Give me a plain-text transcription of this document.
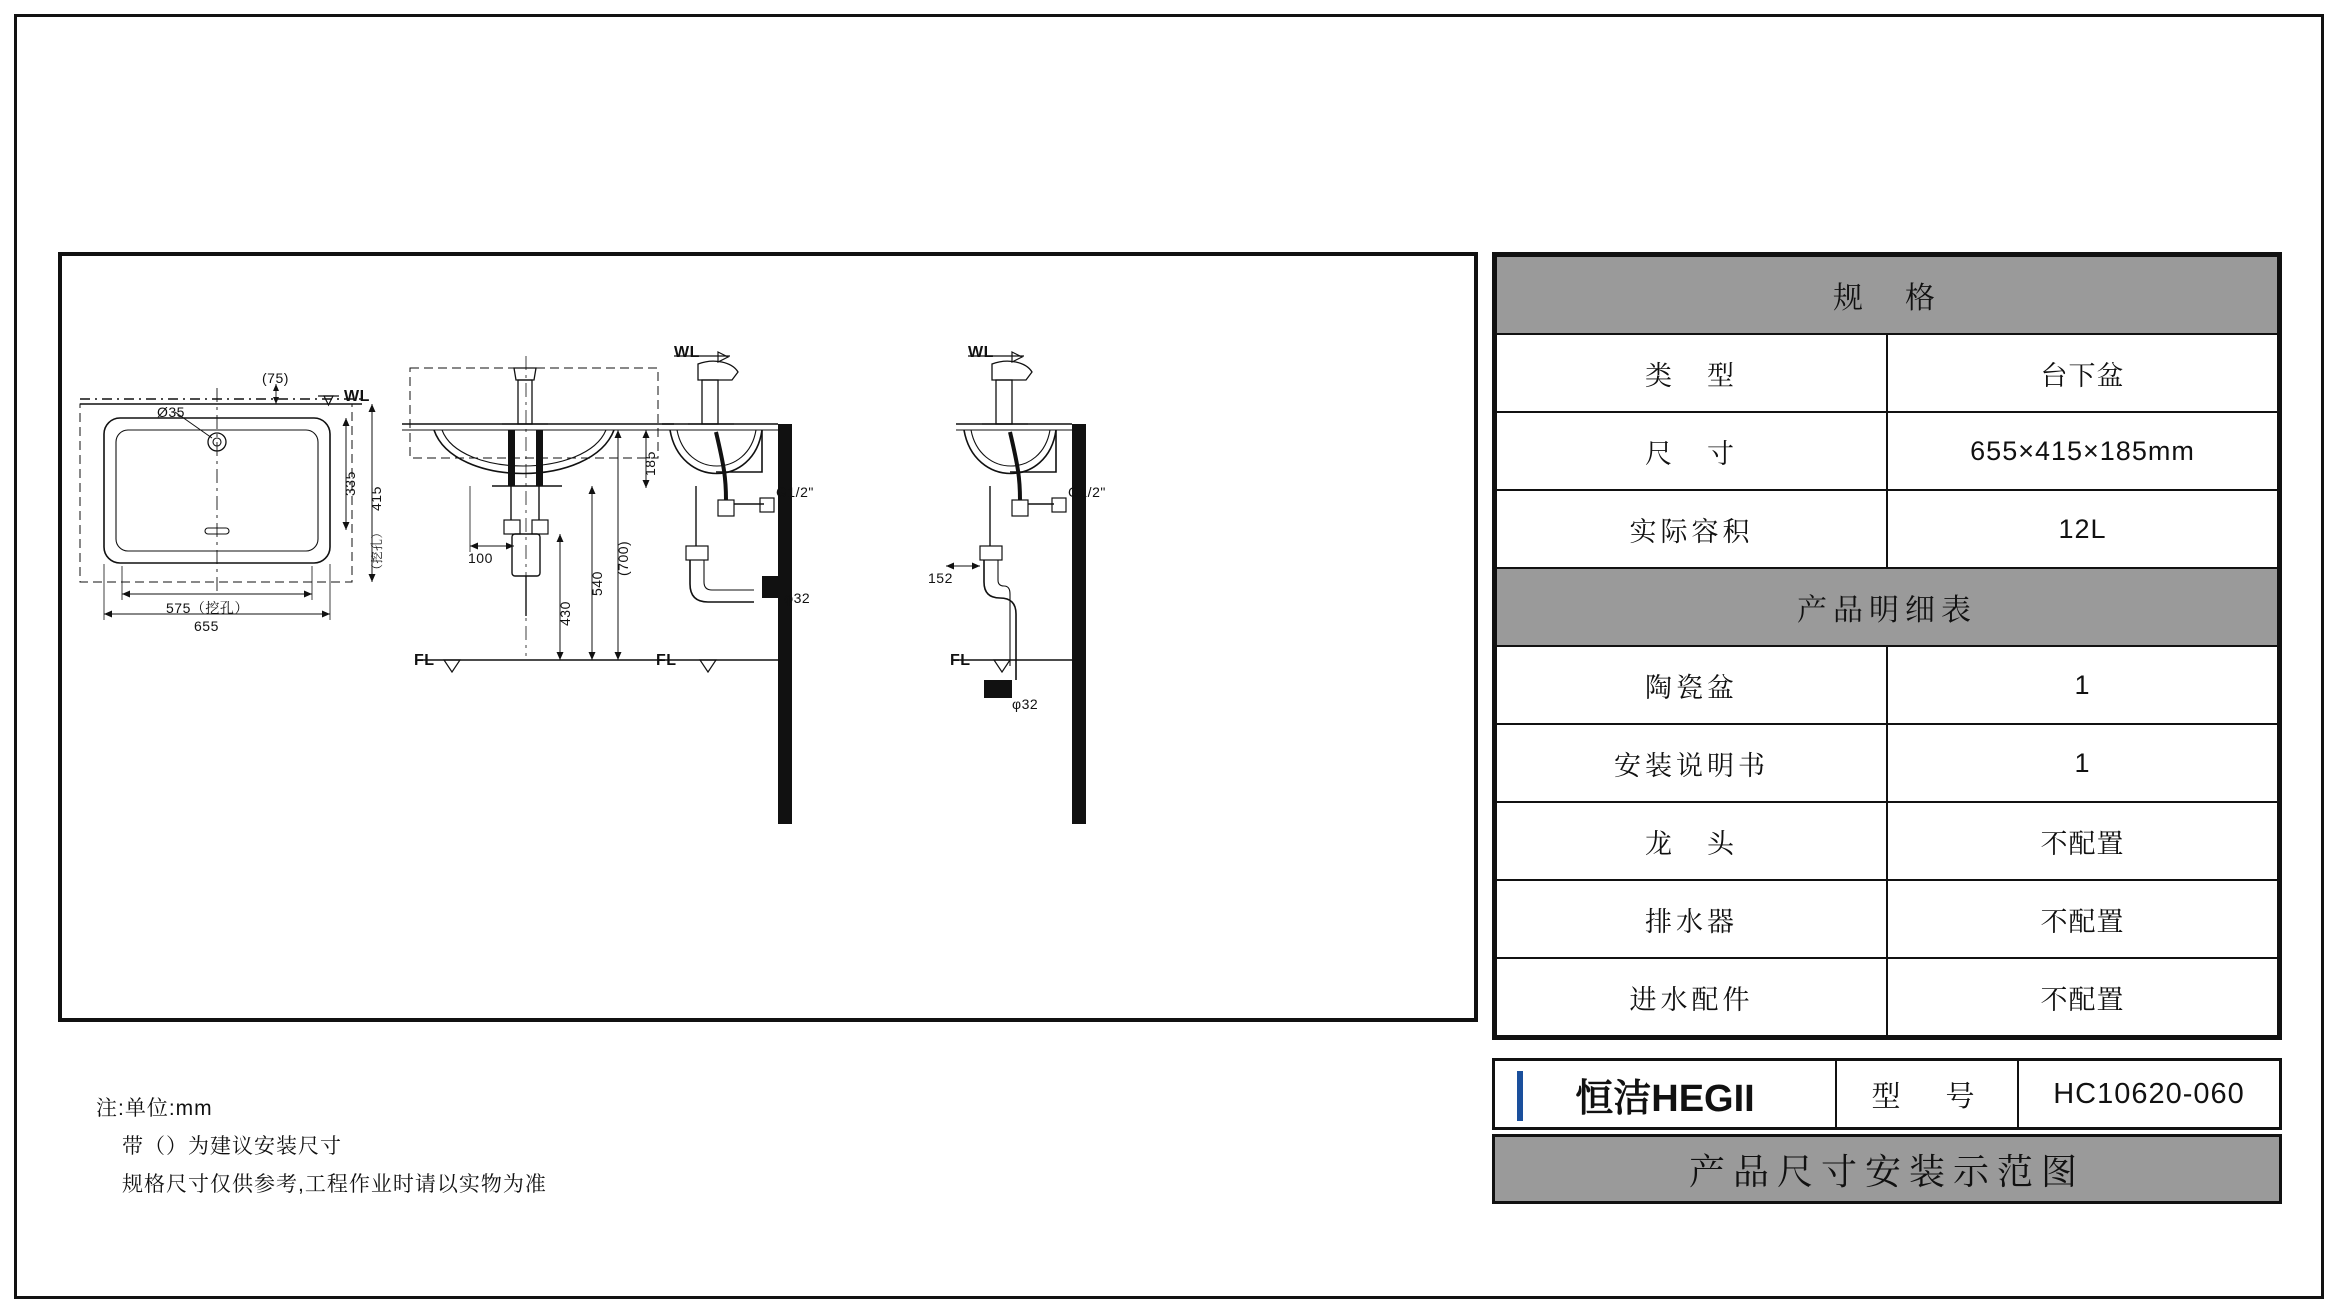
Ø35
(75)
WL
335
415
（挖孔）
575（挖孔）
655
185
(700)
540
430
100
FL
WL
G1/2"
φ32
FL
WL
G1/2"
152
φ32
FL
规　格	
类　型	台下盆
尺　寸	655×415×185mm
实际容积	12L
产品明细表	
陶瓷盆	1
安装说明书	1
龙　头	不配置
排水器	不配置
进水配件	不配置
恒洁HEGII	型　号	HC10620-060
产品尺寸安装示范图
注:单位:mm
带（）为建议安装尺寸
规格尺寸仅供参考,工程作业时请以实物为准
